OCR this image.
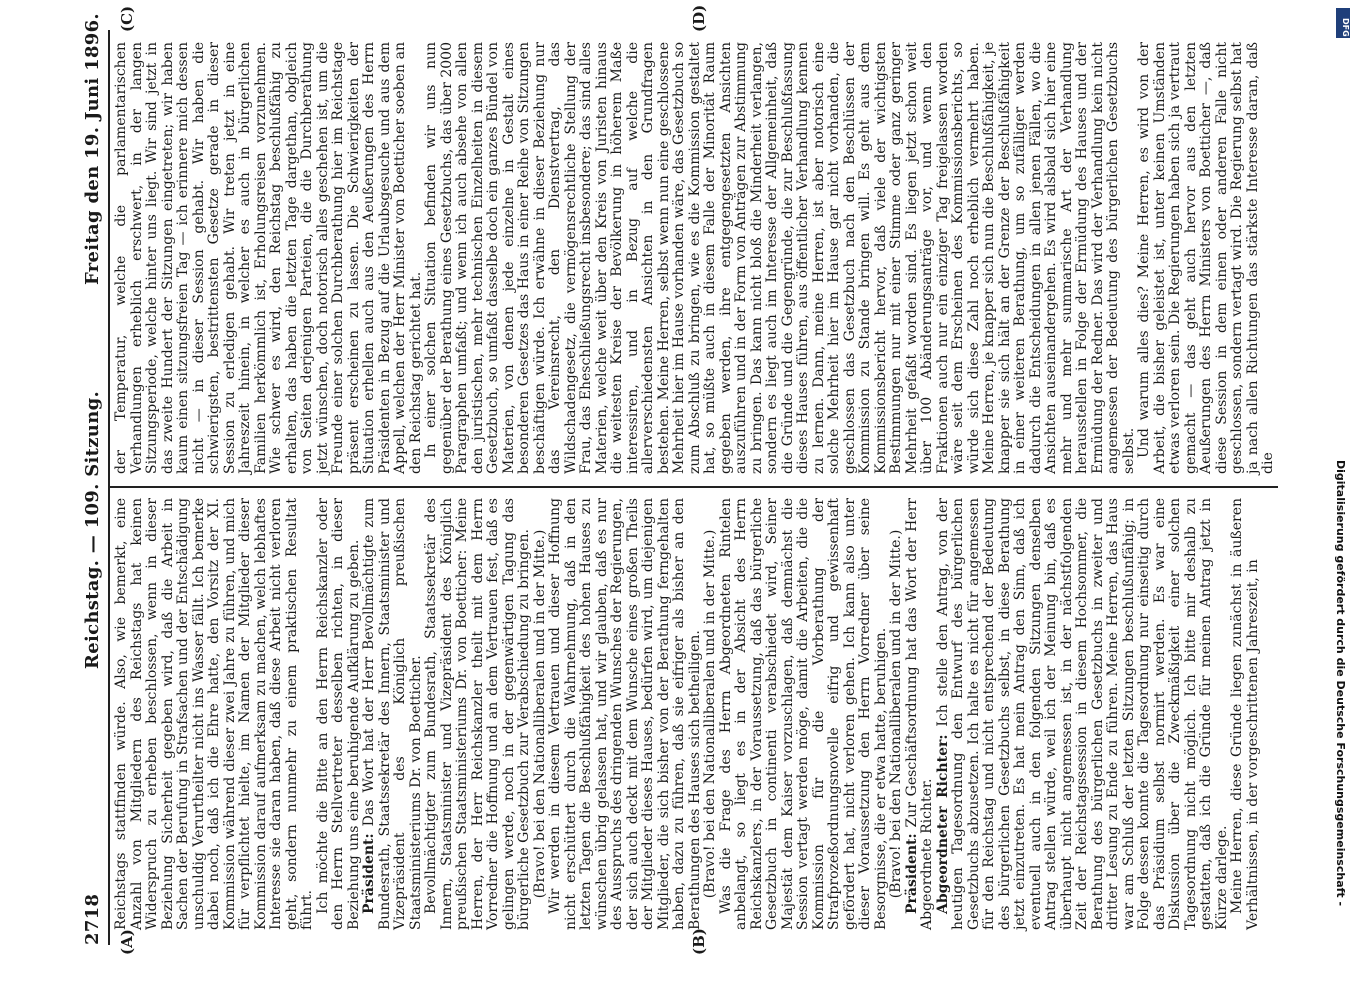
2718
Reichstag. — 109. Sitzung.
Freitag den 19. Juni 1896.
(A)	(B)
(C)	(D)

Reichstags stattfinden würde. Also, wie bemerkt, eine Anzahl von Mitgliedern des Reichstags hat keinen Widerspruch zu erheben beschlossen, wenn in dieser Beziehung Sicherheit gegeben wird, daß die Arbeit in Sachen der Berufung in Strafsachen und der Entschädigung unschuldig Verurtheilter nicht ins Wasser fällt. Ich bemerke dabei noch, daß ich die Ehre hatte, den Vorsitz der XI. Kommission während dieser zwei Jahre zu führen, und mich für verpflichtet hielte, im Namen der Mitglieder dieser Kommission darauf aufmerksam zu machen, welch lebhaftes Interesse sie daran haben, daß diese Arbeit nicht verloren geht, sondern nunmehr zu einem praktischen Resultat führt. Ich möchte die Bitte an den Herrn Reichskanzler oder den Herrn Stellvertreter desselben richten, in dieser Beziehung uns eine beruhigende Aufklärung zu geben. Präsident: Das Wort hat der Herr Bevollmächtigte zum Bundesrath, Staatssekretär des Innern, Staatsminister und Vizepräsident des Königlich preußischen Staatsministeriums Dr. von Boetticher. Bevollmächtigter zum Bundesrath, Staatssekretär des Innern, Staatsminister und Vizepräsident des Königlich preußischen Staatsministeriums Dr. von Boetticher: Meine Herren, der Herr Reichskanzler theilt mit dem Herrn Vorredner die Hoffnung und an dem Vertrauen fest, daß es gelingen werde, noch in der gegenwärtigen Tagung das bürgerliche Gesetzbuch zur Verabschiedung zu bringen. (Bravo! bei den Nationalliberalen und in der Mitte.) Wir werden in diesem Vertrauen und dieser Hoffnung nicht erschüttert durch die Wahrnehmung, daß in den letzten Tagen die Beschlußfähigkeit des hohen Hauses zu wünschen übrig gelassen hat, und wir glauben, daß es nur des Ausspruchs des dringenden Wunsches der Regierungen, der sich auch deckt mit dem Wunsche eines großen Theils der Mitglieder dieses Hauses, bedürfen wird, um diejenigen Mitglieder, die sich bisher von der Berathung ferngehalten haben, dazu zu führen, daß sie eifriger als bisher an den Berathungen des Hauses sich betheiligen. (Bravo! bei den Nationalliberalen und in der Mitte.) Was die Frage des Herrn Abgeordneten Rintelen anbelangt, so liegt es in der Absicht des Herrn Reichskanzlers, in der Voraussetzung, daß das bürgerliche Gesetzbuch in continenti verabschiedet wird, Seiner Majestät dem Kaiser vorzuschlagen, daß demnächst die Session vertagt werden möge, damit die Arbeiten, die die Kommission für die Vorberathung der Strafprozeßordnungsnovelle eifrig und gewissenhaft gefördert hat, nicht verloren gehen. Ich kann also unter dieser Voraussetzung den Herrn Vorredner über seine Besorgnisse, die er etwa hatte, beruhigen. (Bravo! bei den Nationalliberalen und in der Mitte.) Präsident: Zur Geschäftsordnung hat das Wort der Herr Abgeordnete Richter. Abgeordneter Richter: Ich stelle den Antrag, von der heutigen Tagesordnung den Entwurf des bürgerlichen Gesetzbuchs abzusetzen. Ich halte es nicht für angemessen für den Reichstag und nicht entsprechend der Bedeutung des bürgerlichen Gesetzbuchs selbst, in diese Berathung jetzt einzutreten. Es hat mein Antrag den Sinn, daß ich eventuell auch in den folgenden Sitzungen denselben Antrag stellen würde, weil ich der Meinung bin, daß es überhaupt nicht angemessen ist, in der nächstfolgenden Zeit der Reichstagssession in diesem Hochsommer, die Berathung des bürgerlichen Gesetzbuchs in zweiter und dritter Lesung zu Ende zu führen. Meine Herren, das Haus war am Schluß der letzten Sitzungen beschlußunfähig; in Folge dessen konnte die Tagesordnung nur einseitig durch das Präsidium selbst normirt werden. Es war eine Diskussion über die Zweckmäßigkeit einer solchen Tagesordnung nicht möglich. Ich bitte mir deshalb zu gestatten, daß ich die Gründe für meinen Antrag jetzt in Kürze darlege. Meine Herren, diese Gründe liegen zunächst in äußeren Verhältnissen, in der vorgeschrittenen Jahreszeit, in

der Temperatur, welche die parlamentarischen Verhandlungen erheblich erschwert, in der langen Sitzungsperiode, welche hinter uns liegt. Wir sind jetzt in das zweite Hundert der Sitzungen eingetreten; wir haben kaum einen sitzungsfreien Tag — ich erinnere mich dessen nicht — in dieser Session gehabt. Wir haben die schwierigsten, bestrittensten Gesetze gerade in dieser Session zu erledigen gehabt. Wir treten jetzt in eine Jahreszeit hinein, in welcher es auch in bürgerlichen Familien herkömmlich ist, Erholungsreisen vorzunehmen. Wie schwer es wird, den Reichstag beschlußfähig zu erhalten, das haben die letzten Tage dargethan, obgleich von Seiten derjenigen Parteien, die die Durchberathung jetzt wünschen, doch notorisch alles geschehen ist, um die Freunde einer solchen Durchberathung hier im Reichstage präsent erscheinen zu lassen. Die Schwierigkeiten der Situation erhellen auch aus den Aeußerungen des Herrn Präsidenten in Bezug auf die Urlaubsgesuche und aus dem Appell, welchen der Herr Minister von Boetticher soeben an den Reichstag gerichtet hat. In einer solchen Situation befinden wir uns nun gegenüber der Berathung eines Gesetzbuchs, das über 2000 Paragraphen umfaßt; und wenn ich auch absehe von allen den juristischen, mehr technischen Einzelheiten in diesem Gesetzbuch, so umfaßt dasselbe doch ein ganzes Bündel von Materien, von denen jede einzelne in Gestalt eines besonderen Gesetzes das Haus in einer Reihe von Sitzungen beschäftigen würde. Ich erwähne in dieser Beziehung nur das Vereinsrecht, den Dienstvertrag, das Wildschadengesetz, die vermögensrechtliche Stellung der Frau, das Eheschließungsrecht insbesondere; das sind alles Materien, welche weit über den Kreis von Juristen hinaus die weitesten Kreise der Bevölkerung in höherem Maße interessiren, und in Bezug auf welche die allerverschiedensten Ansichten in den Grundfragen bestehen. Meine Herren, selbst wenn nun eine geschlossene Mehrheit hier im Hause vorhanden wäre, das Gesetzbuch so zum Abschluß zu bringen, wie es die Kommission gestaltet hat, so müßte auch in diesem Falle der Minorität Raum gegeben werden, ihre entgegengesetzten Ansichten auszuführen und in der Form von Anträgen zur Abstimmung zu bringen. Das kann nicht bloß die Minderheit verlangen, sondern es liegt auch im Interesse der Allgemeinheit, daß die Gründe und die Gegengründe, die zur Beschlußfassung dieses Hauses führen, aus öffentlicher Verhandlung kennen zu lernen. Dann, meine Herren, ist aber notorisch eine solche Mehrheit hier im Hause gar nicht vorhanden, die geschlossen das Gesetzbuch nach den Beschlüssen der Kommission zu Stande bringen will. Es geht aus dem Kommissionsbericht hervor, daß viele der wichtigsten Bestimmungen nur mit einer Stimme oder ganz geringer Mehrheit gefaßt worden sind. Es liegen jetzt schon weit über 100 Abänderungsanträge vor, und wenn den Fraktionen auch nur ein einziger Tag freigelassen worden wäre seit dem Erscheinen des Kommissionsberichts, so würde sich diese Zahl noch erheblich vermehrt haben. Meine Herren, je knapper sich nun die Beschlußfähigkeit, je knapper sie sich hält an der Grenze der Beschlußfähigkeit in einer weiteren Berathung, um so zufälliger werden dadurch die Entscheidungen in allen jenen Fällen, wo die Ansichten auseinandergehen. Es wird alsbald sich hier eine mehr und mehr summarische Art der Verhandlung herausstellen in Folge der Ermüdung des Hauses und der Ermüdung der Redner. Das wird der Verhandlung kein nicht angemessen der Bedeutung des bürgerlichen Gesetzbuchs selbst. Und warum alles dies? Meine Herren, es wird von der Arbeit, die bisher geleistet ist, unter keinen Umständen etwas verloren sein. Die Regierungen haben sich ja vertraut gemacht — das geht auch hervor aus den letzten Aeußerungen des Herrn Ministers von Boetticher —, daß diese Session in dem einen oder anderen Falle nicht geschlossen, sondern vertagt wird. Die Regierung selbst hat ja nach allen Richtungen das stärkste Interesse daran, daß die	Digitalisierung gefördert durch die Deutsche Forschungsgemeinschaft -
DFG
